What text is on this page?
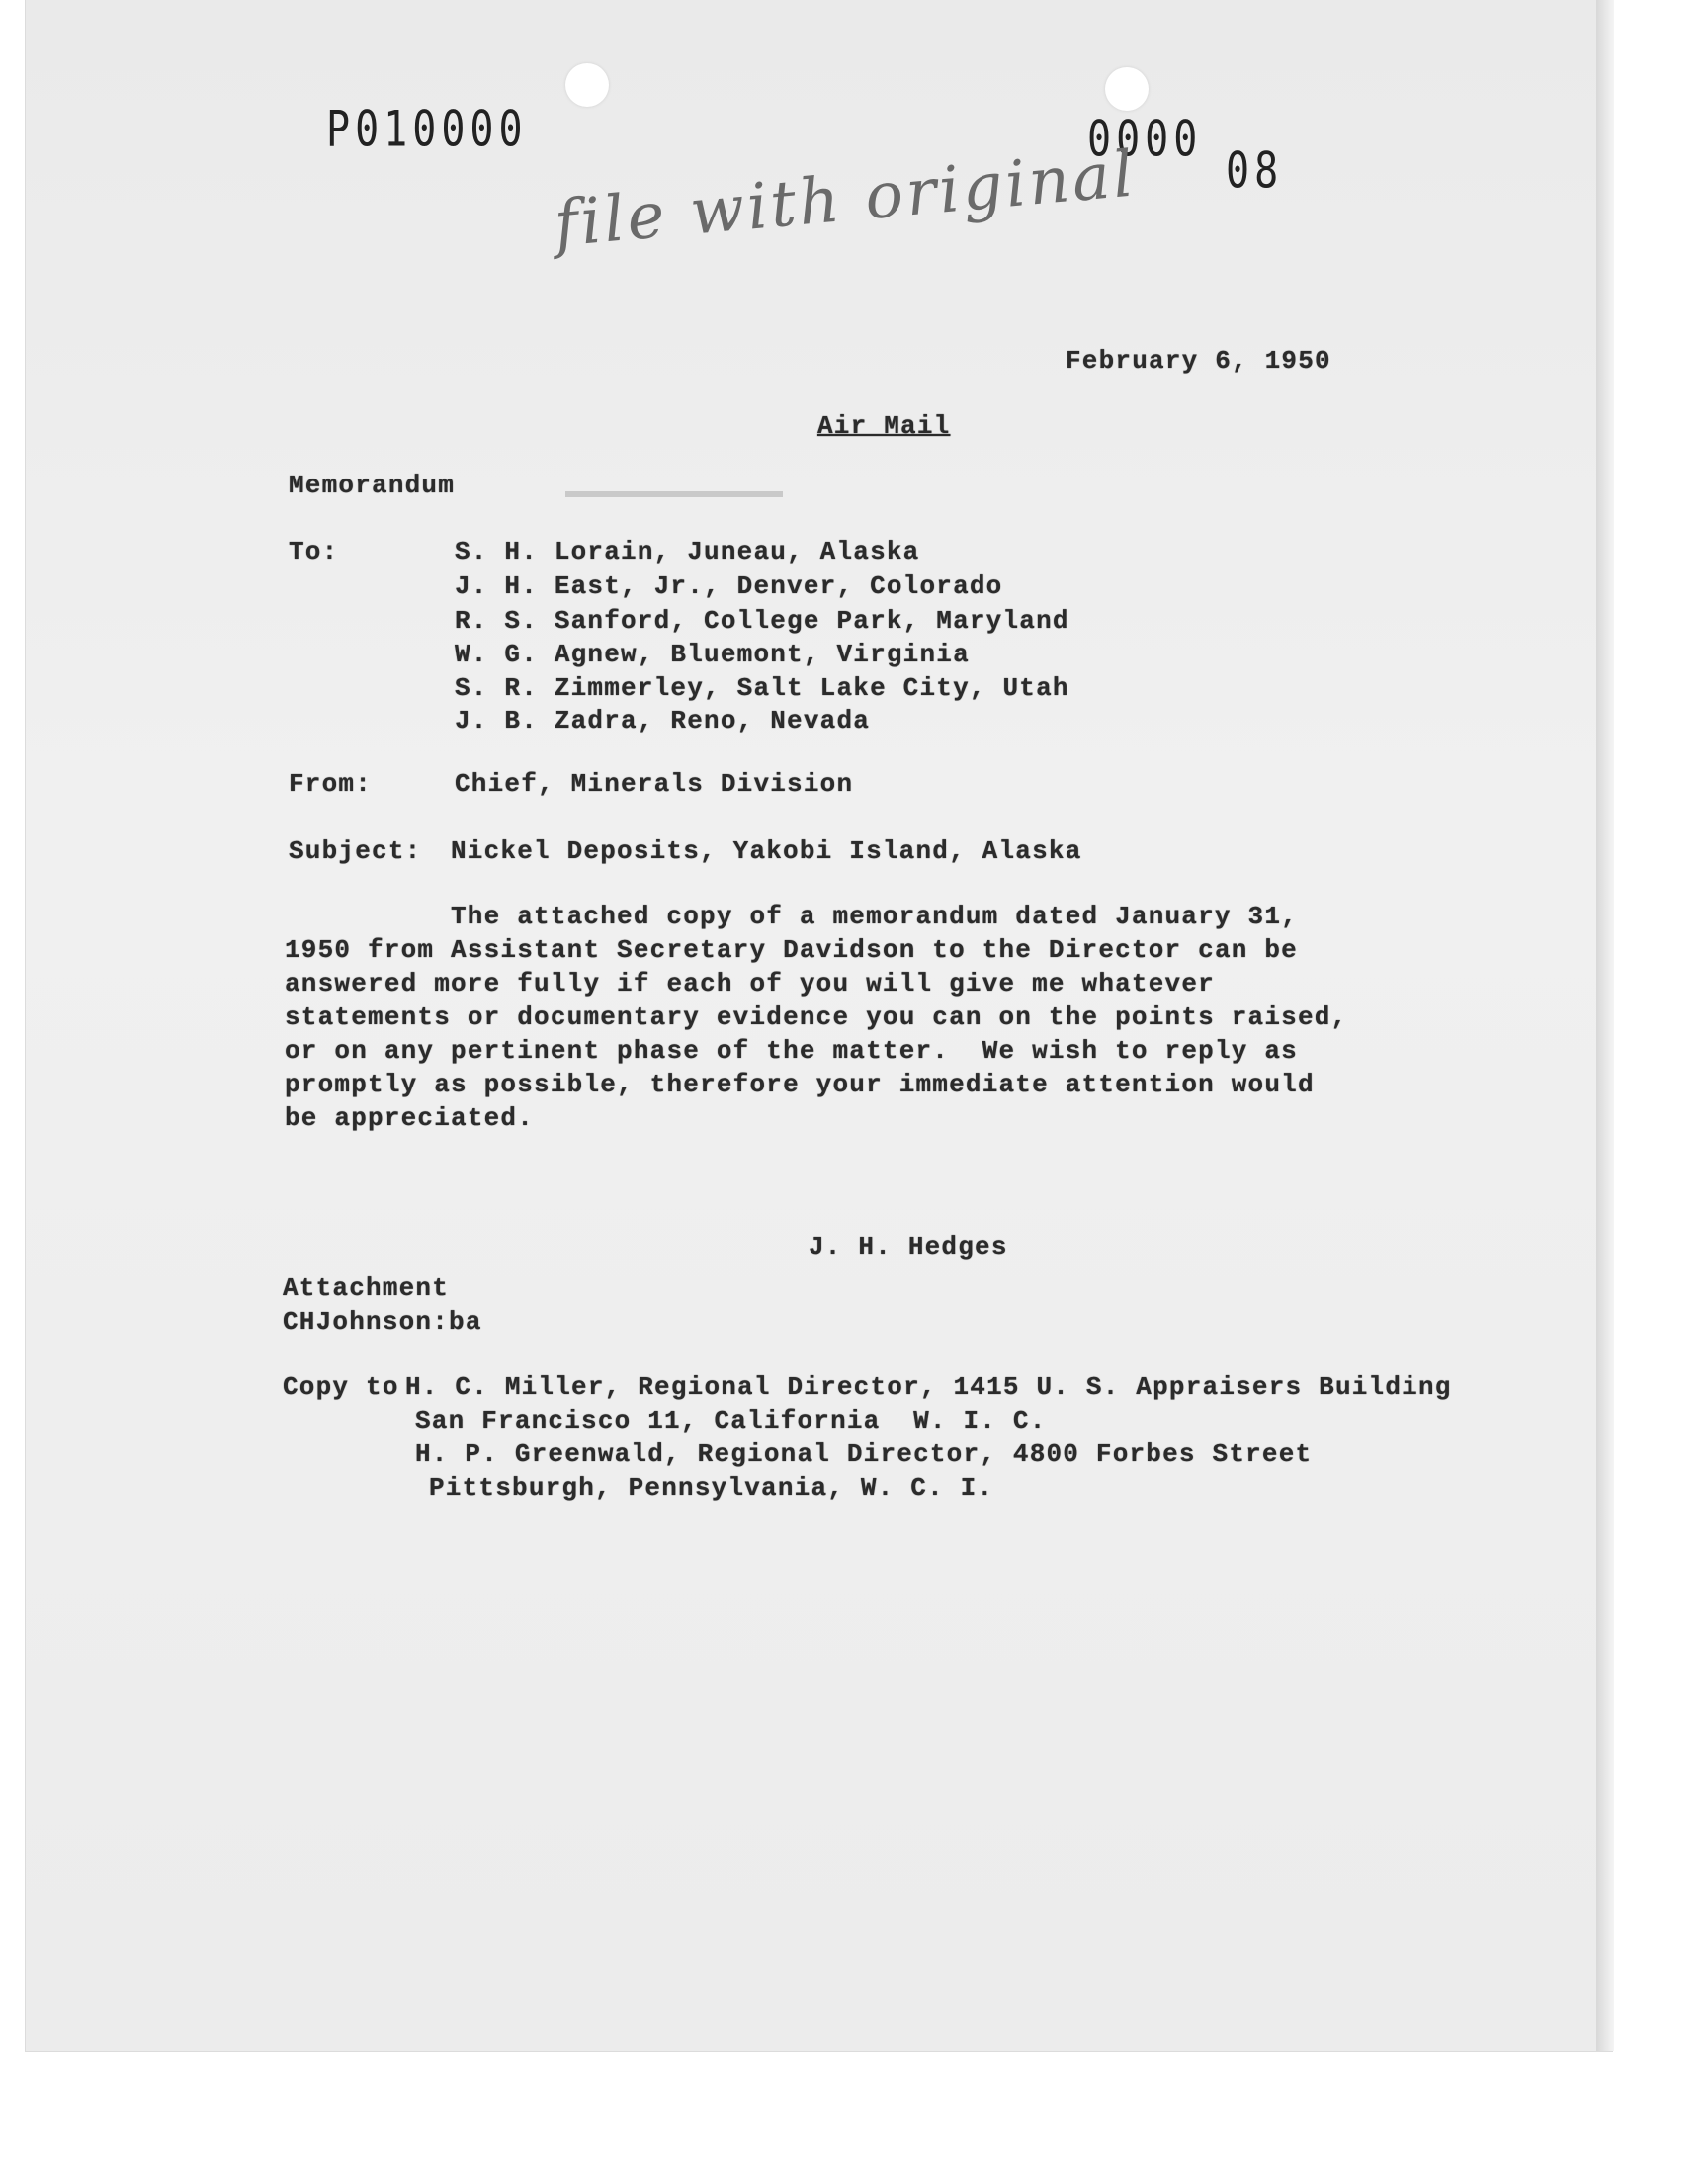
P010000	0000
08
file with original
February 6, 1950
Air Mail
Memorandum
To:	S. H. Lorain, Juneau, Alaska
J. H. East, Jr., Denver, Colorado
R. S. Sanford, College Park, Maryland
W. G. Agnew, Bluemont, Virginia
S. R. Zimmerley, Salt Lake City, Utah
J. B. Zadra, Reno, Nevada
From:	Chief, Minerals Division
Subject: Nickel Deposits, Yakobi Island, Alaska
The attached copy of a memorandum dated January 31,
1950 from Assistant Secretary Davidson to the Director can be
answered more fully if each of you will give me whatever
statements or documentary evidence you can on the points raised,
or on any pertinent phase of the matter.  We wish to reply as
promptly as possible, therefore your immediate attention would
be appreciated.
J. H. Hedges
Attachment
CHJohnson:ba
Copy to H. C. Miller, Regional Director, 1415 U. S. Appraisers Building
San Francisco 11, California  W. I. C.
H. P. Greenwald, Regional Director, 4800 Forbes Street
Pittsburgh, Pennsylvania, W. C. I.
